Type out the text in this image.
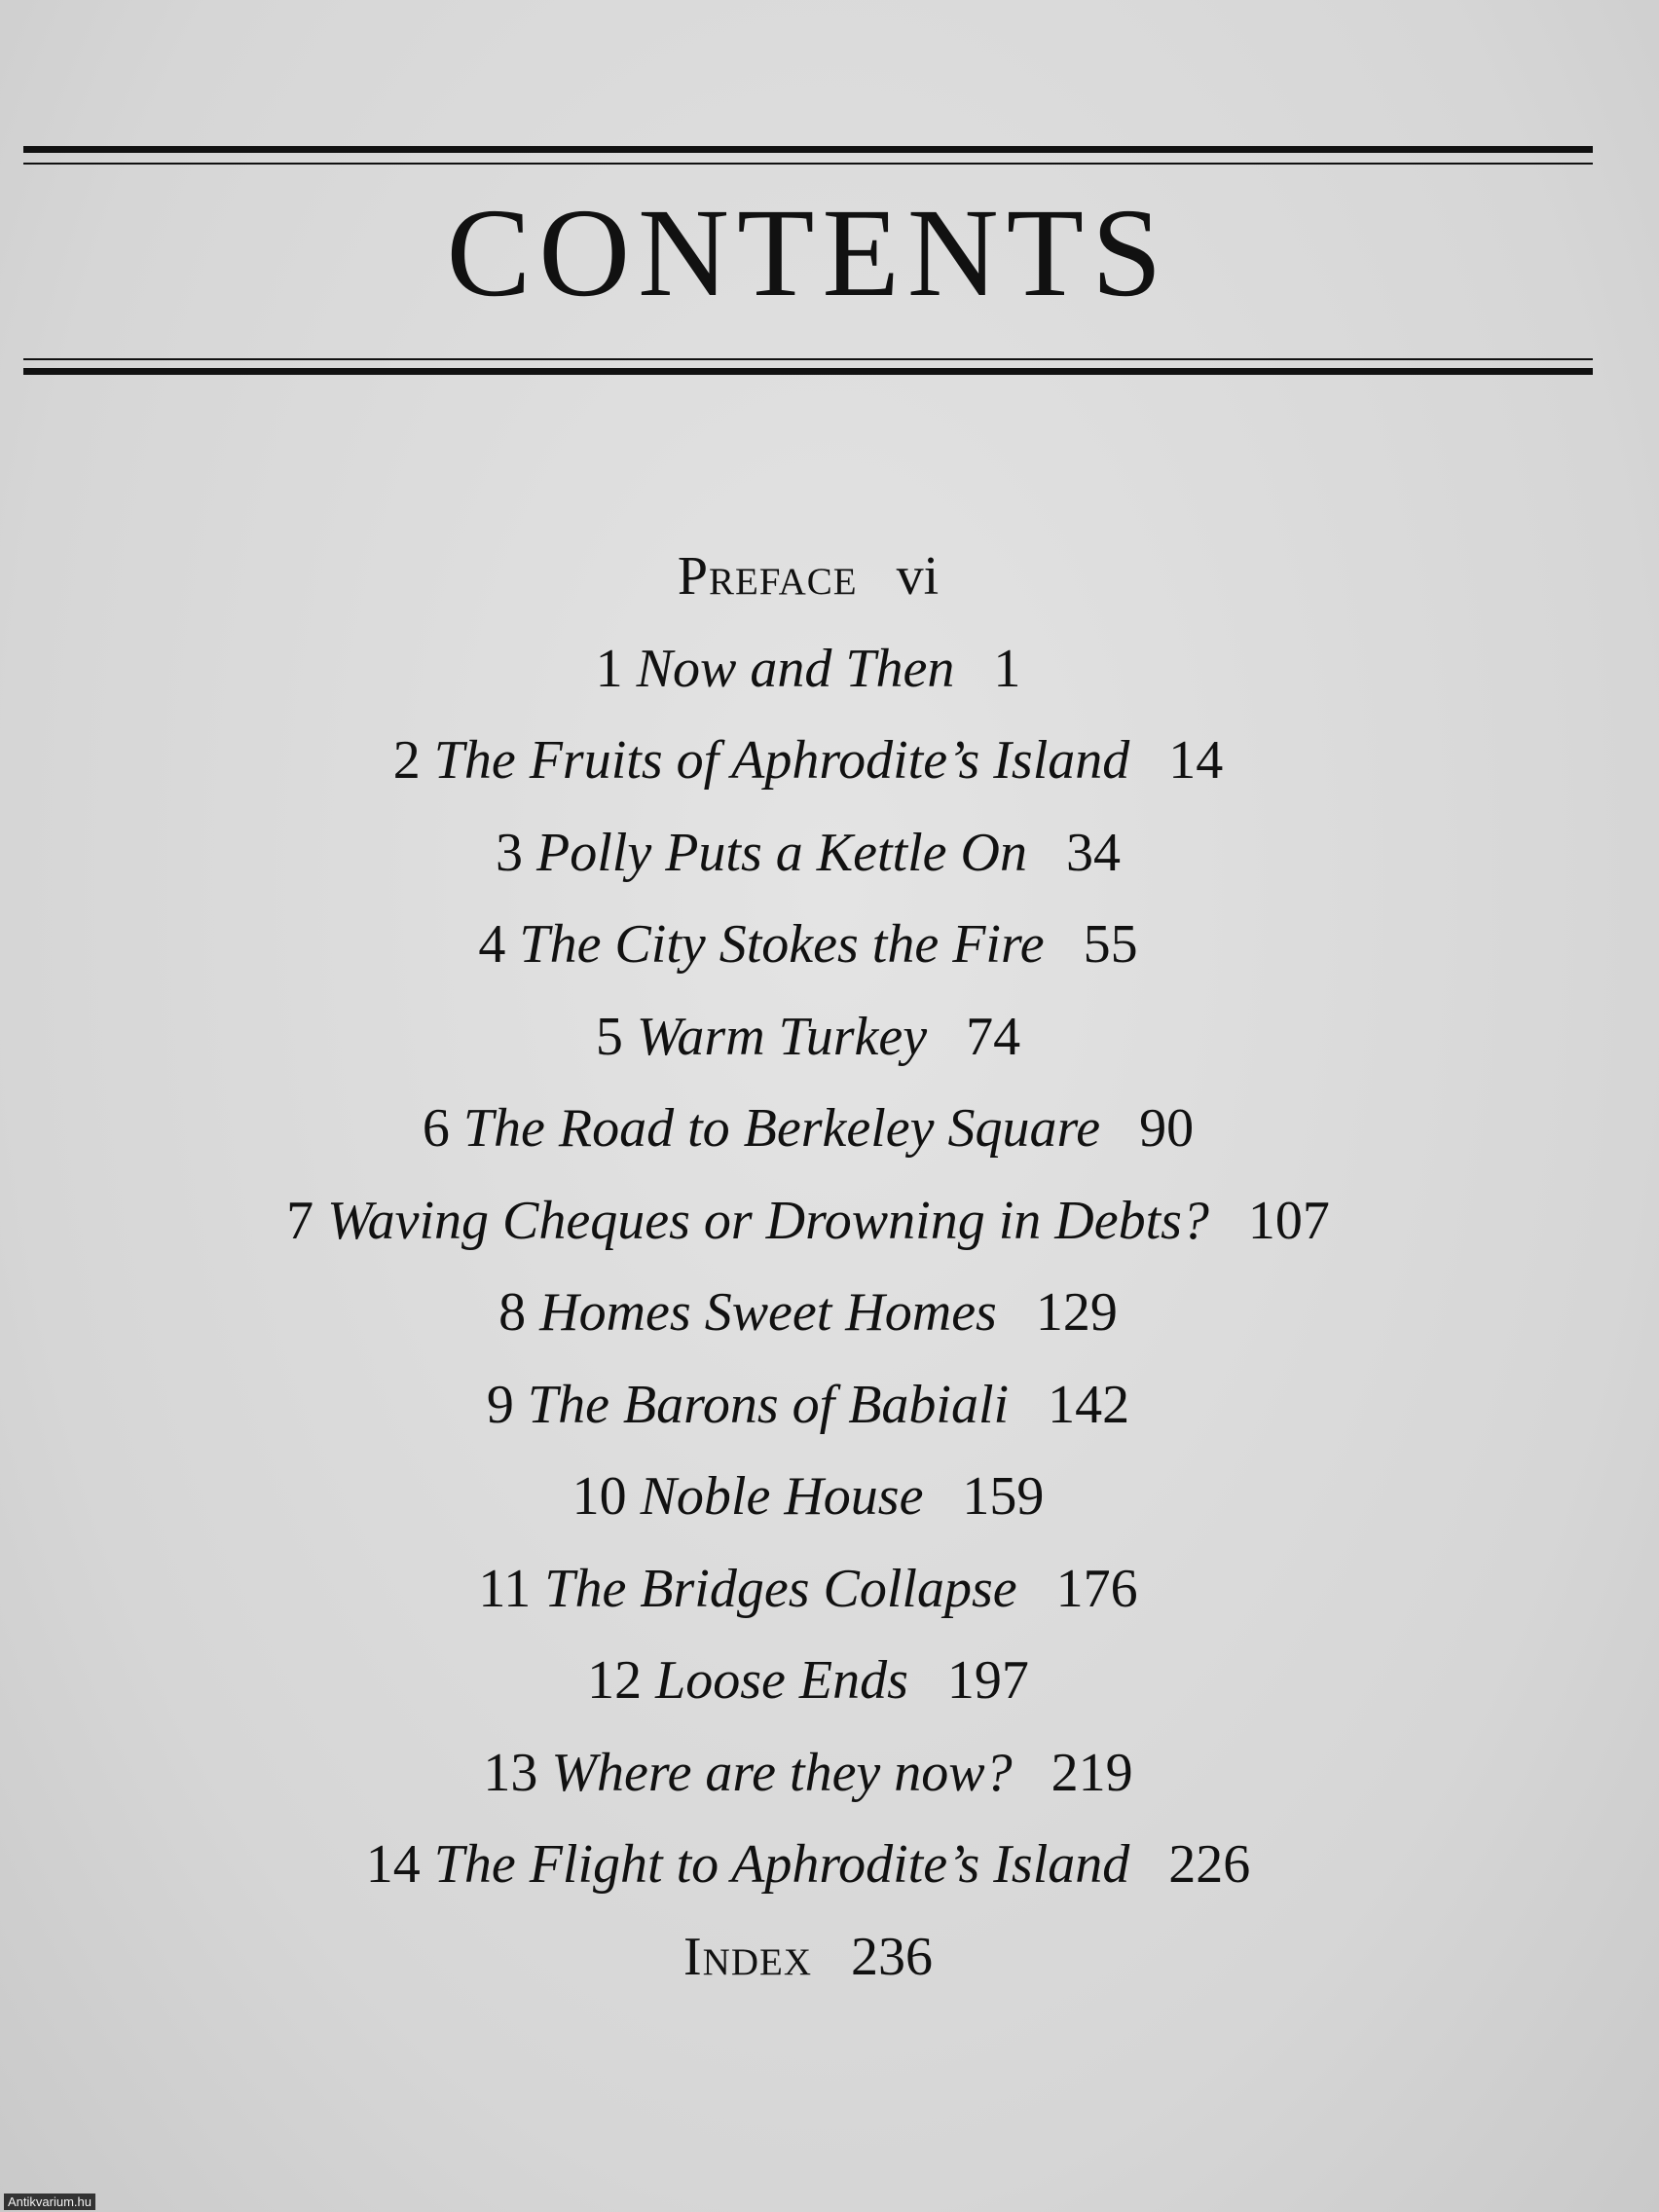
CONTENTS
Preface vi
1 Now and Then 1
2 The Fruits of Aphrodite’s Island 14
3 Polly Puts a Kettle On 34
4 The City Stokes the Fire 55
5 Warm Turkey 74
6 The Road to Berkeley Square 90
7 Waving Cheques or Drowning in Debts? 107
8 Homes Sweet Homes 129
9 The Barons of Babiali 142
10 Noble House 159
11 The Bridges Collapse 176
12 Loose Ends 197
13 Where are they now? 219
14 The Flight to Aphrodite’s Island 226
Index 236
Antikvarium.hu
